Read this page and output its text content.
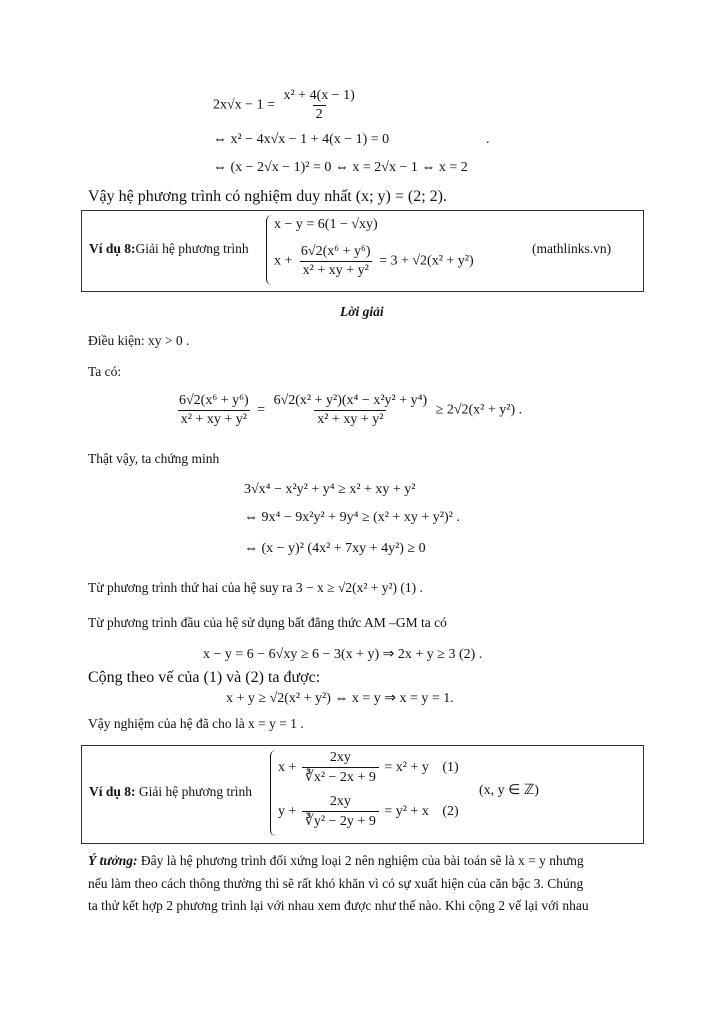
$2x√x - 1 = \frac{\text{x² + 4(x − 1)}}{2}$
⇔ x² − 4x√x − 1 + 4(x − 1) = 0	.
⇔ (x − 2√x − 1)² = 0 ⇔ x = 2√x − 1 ⇔ x = 2
Vậy hệ phương trình có nghiệm duy nhất (x; y) = (2; 2).
Ví dụ 8:Giải hệ phương trình
x − y = 6(1 − √xy)
$x + \frac{\text{6√2(x⁶ + y⁶)}}{\text{x² + xy + y²}} = 3 + √2(x^2 + y^2)$
(mathlinks.vn)
Lời giải
Điều kiện: xy > 0 .
Ta có:
$\frac{\text{6√2(x⁶ + y⁶)}}{\text{x² + xy + y²}} = \frac{\text{6√2(x² + y²)(x⁴ − x²y² + y⁴)}}{\text{x² + xy + y²}} \ge 2√2(x^2 + y^2)$ .
Thật vậy, ta chứng minh
3√x⁴ − x²y² + y⁴ ≥ x² + xy + y²
⇔ 9x⁴ − 9x²y² + 9y⁴ ≥ (x² + xy + y²)² .
⇔ (x − y)² (4x² + 7xy + 4y²) ≥ 0
Từ phương trình thứ hai của hệ suy ra 3 − x ≥ √2(x² + y²) (1) .
Từ phương trình đầu của hệ sử dụng bất đẳng thức AM –GM ta có
x − y = 6 − 6√xy ≥ 6 − 3(x + y) ⇒ 2x + y ≥ 3 (2) .
Cộng theo vế của (1) và (2) ta được:
x + y ≥ √2(x² + y²) ⇔ x = y ⇒ x = y = 1.
Vậy nghiệm của hệ đã cho là x = y = 1 .
Ví dụ 8: Giải hệ phương trình
$x + \frac{2xy}{\text{∛x² − 2x + 9}} = x^2 + y$ (1)
$y + \frac{2xy}{\text{∛y² − 2y + 9}} = y^2 + x$ (2)
(x, y ∈ ℤ)
Ý tưởng: Đây là hệ phương trình đối xứng loại 2 nên nghiệm của bài toán sẽ là x = y nhưng
nếu làm theo cách thông thường thì sẽ rất khó khăn vì có sự xuất hiện của căn bậc 3. Chúng
ta thử kết hợp 2 phương trình lại với nhau xem được như thế nào. Khi cộng 2 vế lại với nhau
